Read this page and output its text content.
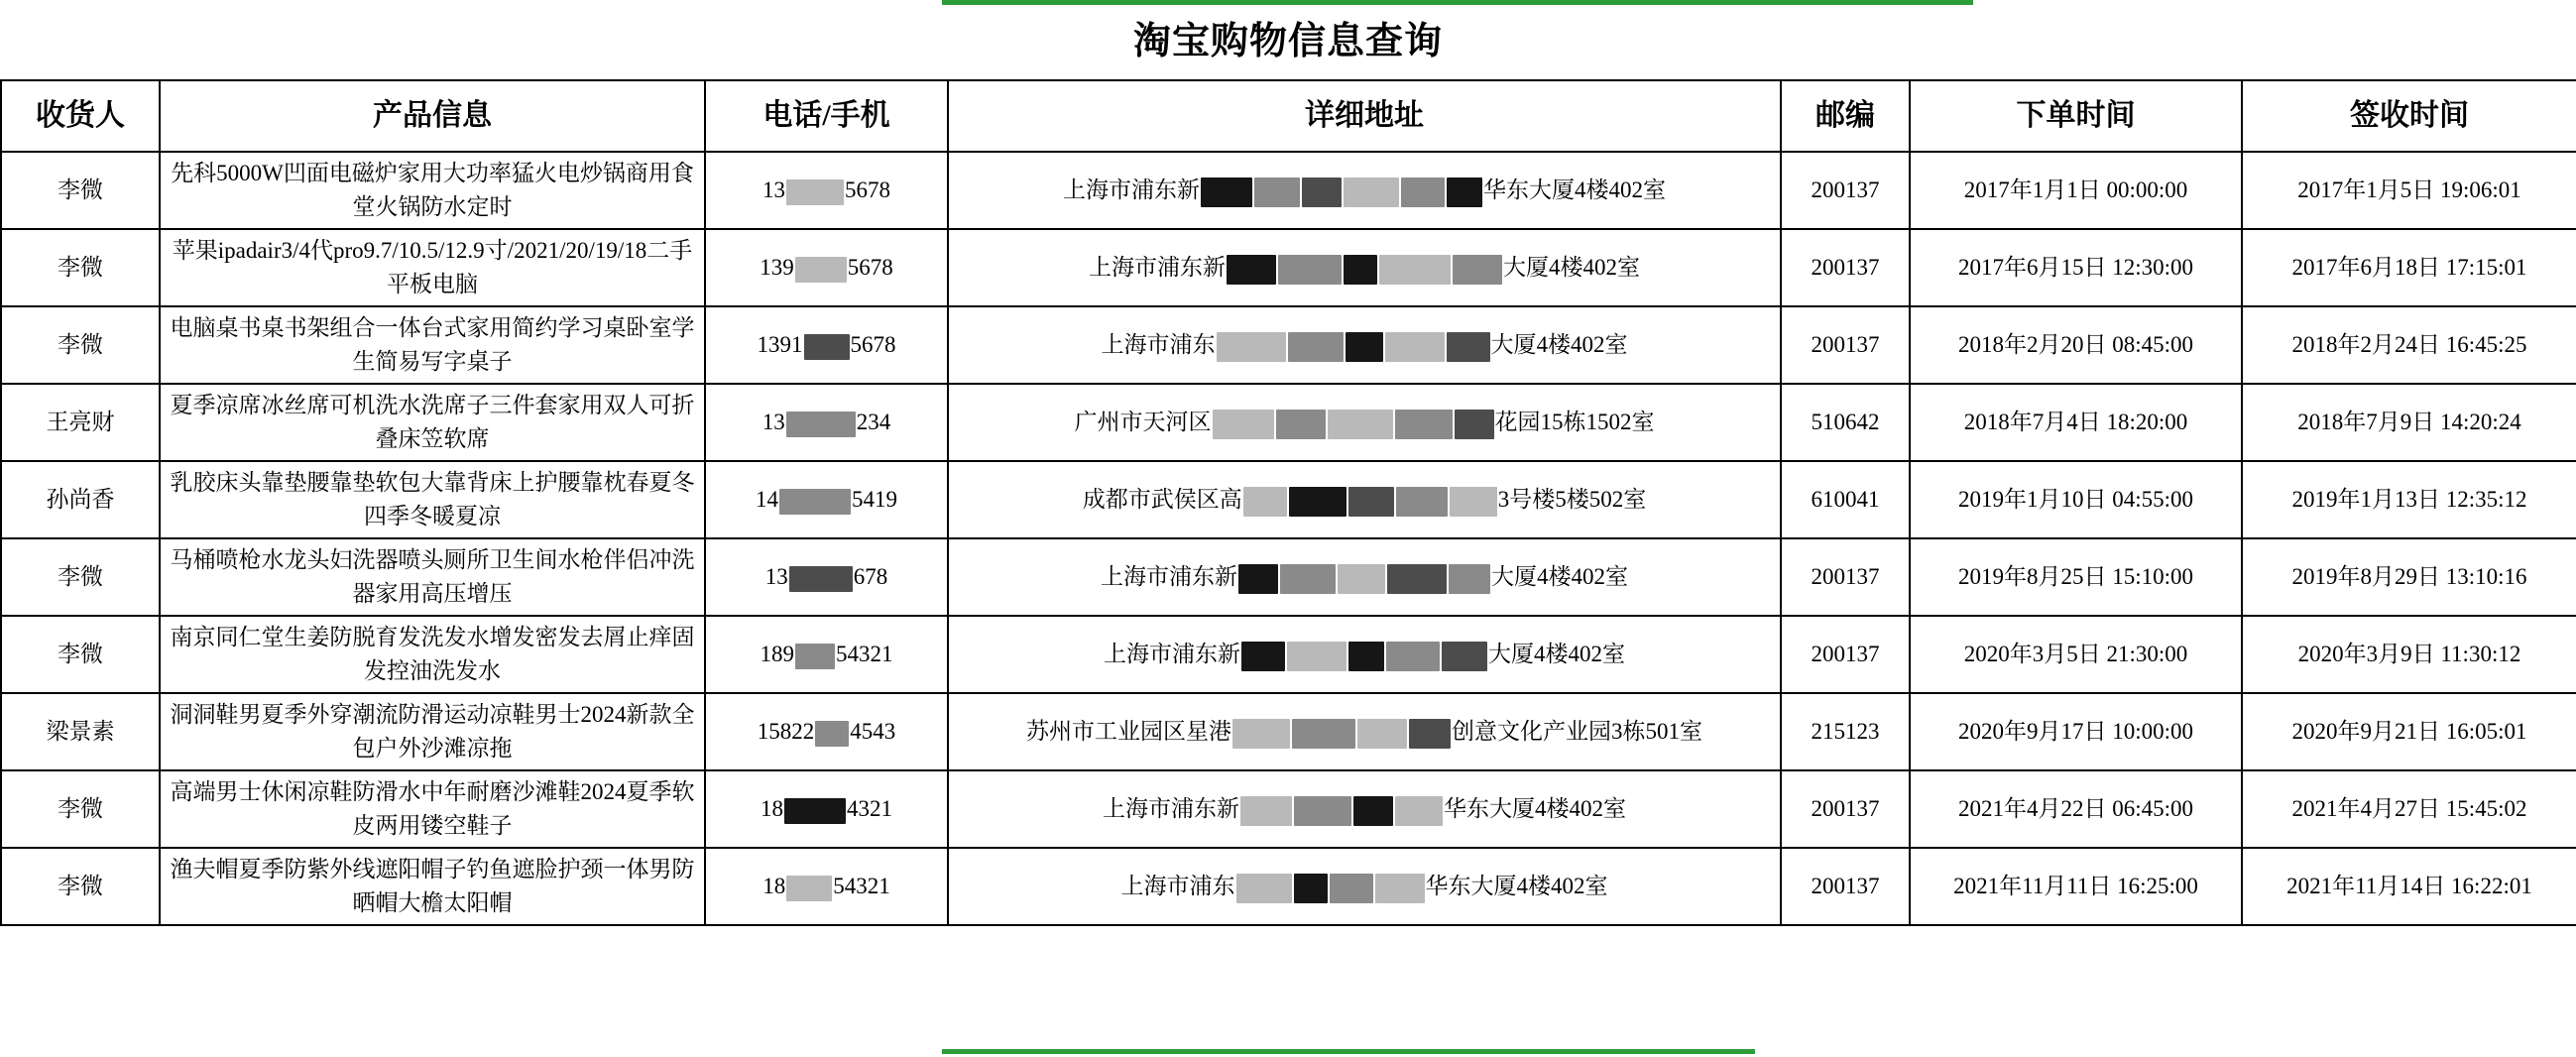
淘宝购物信息查询
收货人	产品信息	电话/手机	详细地址	邮编	下单时间	签收时间
李微	先科5000W凹面电磁炉家用大功率猛火电炒锅商用食堂火锅防水定时	13 5678	上海市浦东新 华东大厦4楼402室	200137	2017年1月1日 00:00:00	2017年1月5日 19:06:01
李微	苹果ipadair3/4代pro9.7/10.5/12.9寸/2021/20/19/18二手平板电脑	139 5678	上海市浦东新 大厦4楼402室	200137	2017年6月15日 12:30:00	2017年6月18日 17:15:01
李微	电脑桌书桌书架组合一体台式家用简约学习桌卧室学生简易写字桌子	1391 5678	上海市浦东 大厦4楼402室	200137	2018年2月20日 08:45:00	2018年2月24日 16:45:25
王亮财	夏季凉席冰丝席可机洗水洗席子三件套家用双人可折叠床笠软席	13 234	广州市天河区 花园15栋1502室	510642	2018年7月4日 18:20:00	2018年7月9日 14:20:24
孙尚香	乳胶床头靠垫腰靠垫软包大靠背床上护腰靠枕春夏冬四季冬暖夏凉	14 5419	成都市武侯区高 3号楼5楼502室	610041	2019年1月10日 04:55:00	2019年1月13日 12:35:12
李微	马桶喷枪水龙头妇洗器喷头厕所卫生间水枪伴侣冲洗器家用高压增压	13 678	上海市浦东新 大厦4楼402室	200137	2019年8月25日 15:10:00	2019年8月29日 13:10:16
李微	南京同仁堂生姜防脱育发洗发水增发密发去屑止痒固发控油洗发水	189 54321	上海市浦东新 大厦4楼402室	200137	2020年3月5日 21:30:00	2020年3月9日 11:30:12
梁景素	洞洞鞋男夏季外穿潮流防滑运动凉鞋男士2024新款全包户外沙滩凉拖	15822 4543	苏州市工业园区星港 创意文化产业园3栋501室	215123	2020年9月17日 10:00:00	2020年9月21日 16:05:01
李微	高端男士休闲凉鞋防滑水中年耐磨沙滩鞋2024夏季软皮两用镂空鞋子	18 4321	上海市浦东新 华东大厦4楼402室	200137	2021年4月22日 06:45:00	2021年4月27日 15:45:02
李微	渔夫帽夏季防紫外线遮阳帽子钓鱼遮脸护颈一体男防晒帽大檐太阳帽	18 54321	上海市浦东 华东大厦4楼402室	200137	2021年11月11日 16:25:00	2021年11月14日 16:22:01
